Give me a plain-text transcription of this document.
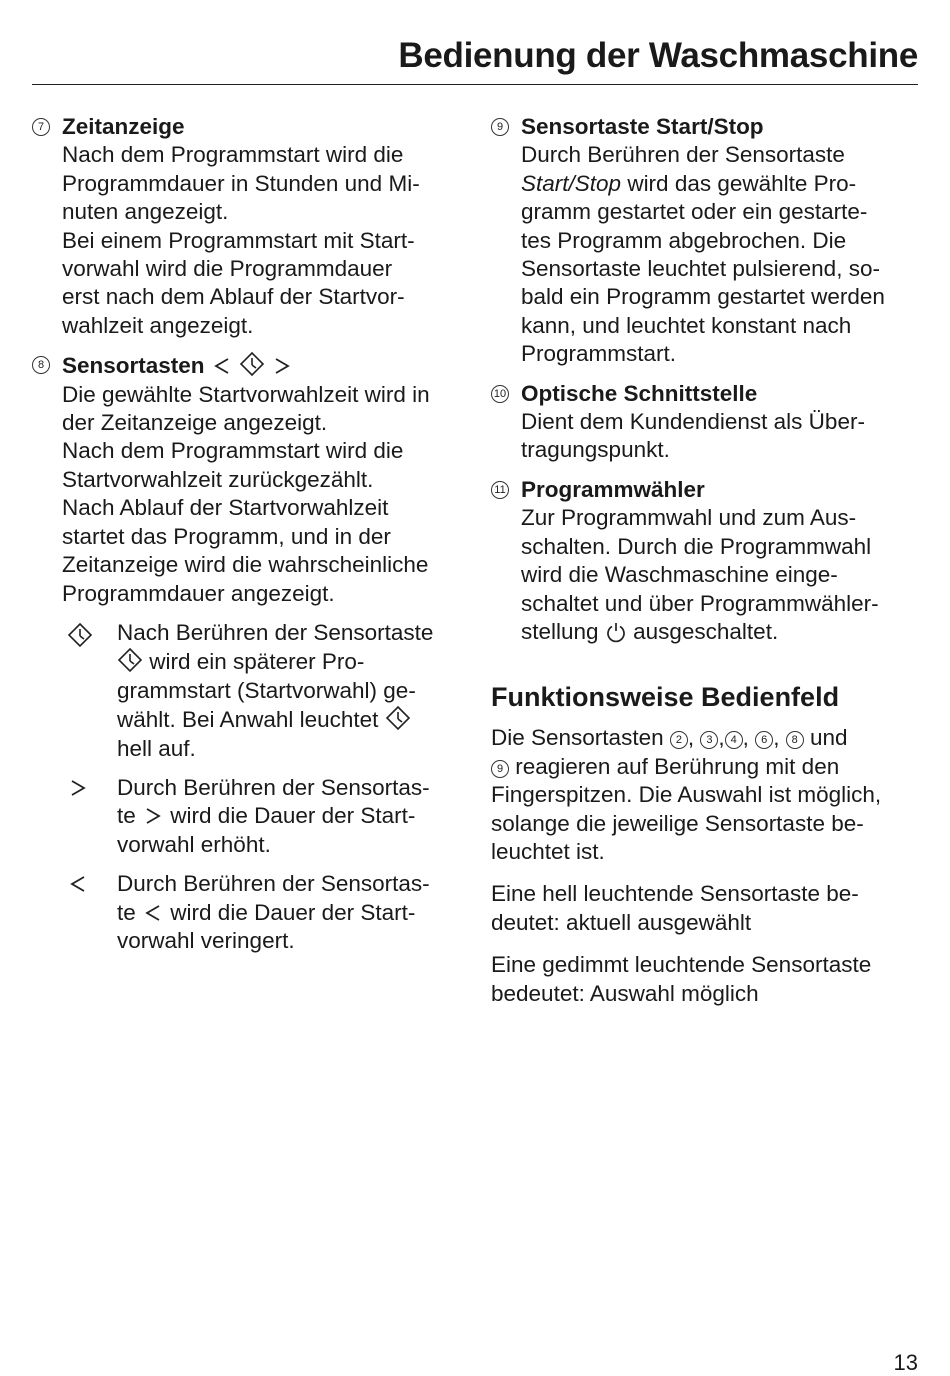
Bedienung der Waschmaschine
7 Zeitanzeige
Nach dem Programmstart wird die
Programmdauer in Stunden und Mi-
nuten angezeigt.
Bei einem Programmstart mit Start-
vorwahl wird die Programmdauer
erst nach dem Ablauf der Startvor-
wahlzeit angezeigt.
8 Sensortasten

Die gewählte Startvorwahlzeit wird in
der Zeitanzeige angezeigt.
Nach dem Programmstart wird die
Startvorwahlzeit zurückgezählt.
Nach Ablauf der Startvorwahlzeit
startet das Programm, und in der
Zeitanzeige wird die wahrscheinliche
Programmdauer angezeigt.
Nach Berühren der Sensortaste
wird ein späterer Pro-
grammstart (Startvorwahl) ge-
wählt. Bei Anwahl leuchtet
hell auf.
Durch Berühren der Sensortas-
te wird die Dauer der Start-
vorwahl erhöht.
Durch Berühren der Sensortas-
te wird die Dauer der Start-
vorwahl veringert.
9 Sensortaste Start/Stop
Durch Berühren der Sensortaste
Start/Stop wird das gewählte Pro-
gramm gestartet oder ein gestarte-
tes Programm abgebrochen. Die
Sensortaste leuchtet pulsierend, so-
bald ein Programm gestartet werden
kann, und leuchtet konstant nach
Programmstart.
10 Optische Schnittstelle
Dient dem Kundendienst als Über-
tragungspunkt.
11 Programmwähler
Zur Programmwahl und zum Aus-
schalten. Durch die Programmwahl
wird die Waschmaschine einge-
schaltet und über Programmwähler-
stellung ausgeschaltet.
Funktionsweise Bedienfeld
Die Sensortasten 2 , 3 , 4 , 6 , 8 und
9 reagieren auf Berührung mit den
Fingerspitzen. Die Auswahl ist möglich,
solange die jeweilige Sensortaste be-
leuchtet ist.
Eine hell leuchtende Sensortaste be-
deutet: aktuell ausgewählt
Eine gedimmt leuchtende Sensortaste
bedeutet: Auswahl möglich
13
